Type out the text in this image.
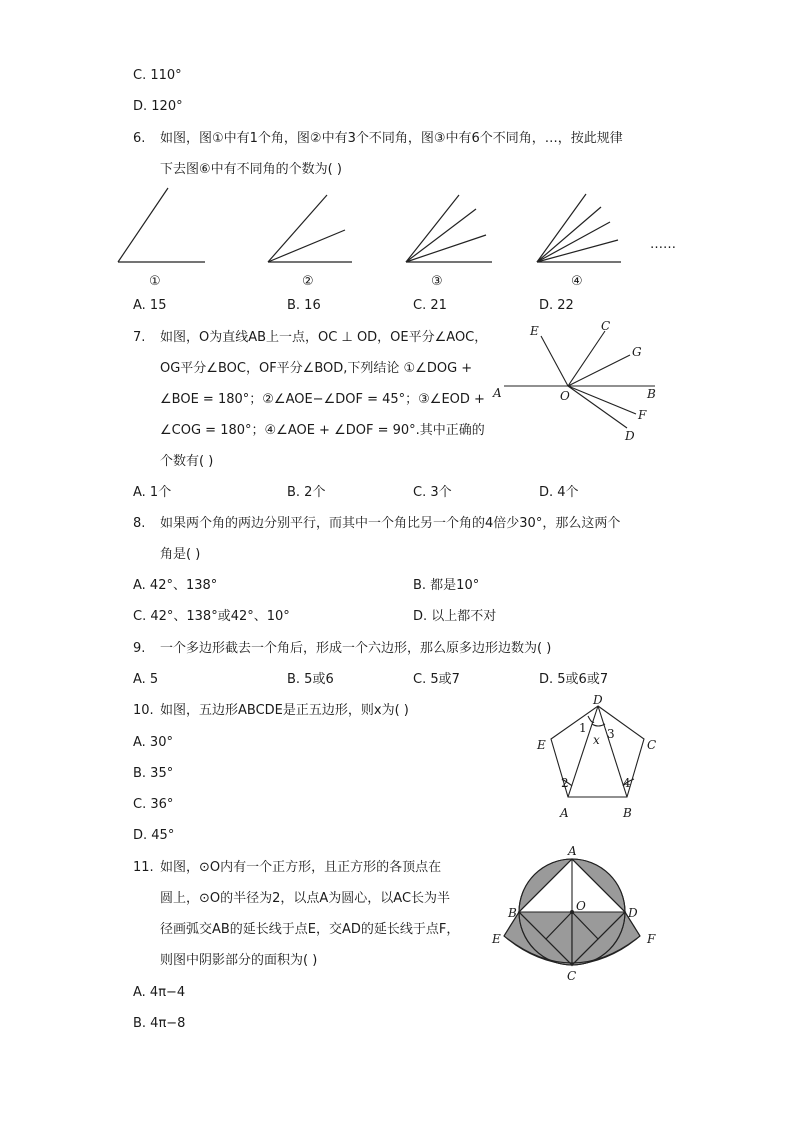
C. 110°
D. 120°
6. 如图，图①中有1个角，图②中有3个不同角，图③中有6个不同角，…，按此规律
下去图⑥中有不同角的个数为( )
①	②	③	④
……
A. 15	B. 16	C. 21	D. 22
7. 如图，O为直线AB上一点，OC ⊥ OD，OE平分∠AOC，
OG平分∠BOC，OF平分∠BOD,下列结论 ①∠DOG +
∠BOE = 180°；②∠AOE−∠DOF = 45°；③∠EOD +
∠COG = 180°；④∠AOE + ∠DOF = 90°.其中正确的
个数有( )
E	C
G
A	O	B
F
D
A. 1个	B. 2个	C. 3个	D. 4个
8. 如果两个角的两边分别平行，而其中一个角比另一个角的4倍少30°，那么这两个
角是( )
A. 42°、138°	B. 都是10°
C. 42°、138°或42°、10°	D. 以上都不对
9. 一个多边形截去一个角后，形成一个六边形，那么原多边形边数为( )
A. 5	B. 5或6	C. 5或7	D. 5或6或7
10. 如图，五边形ABCDE是正五边形，则x为( )
A. 30°
B. 35°
C. 36°
D. 45°
D
E	C
A	B
x
1 3
2	4
11. 如图，⊙O内有一个正方形，且正方形的各顶点在
圆上，⊙O的半径为2，以点A为圆心，以AC长为半
径画弧交AB的延长线于点E，交AD的延长线于点F，
则图中阴影部分的面积为( )
A. 4π−4
B. 4π−8
A
B	O	D
E	F
C
